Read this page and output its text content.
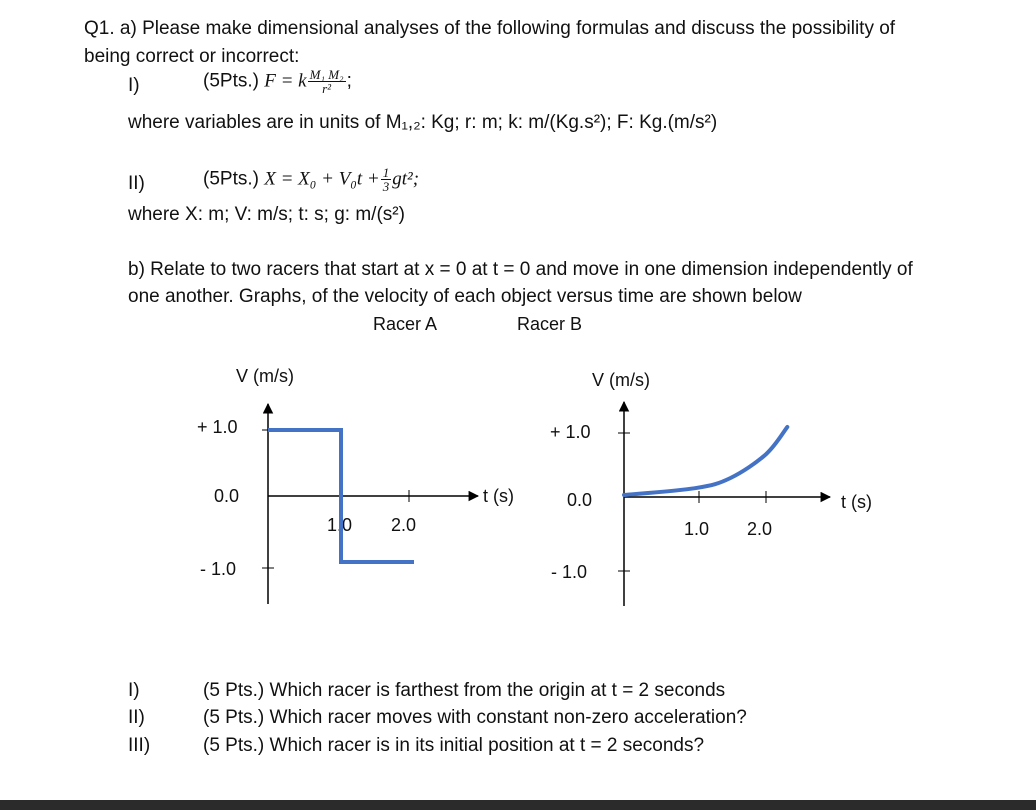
Q1. a) Please make dimensional analyses of the following formulas and discuss the possibility of
being correct or incorrect:
I)	(5Pts.) F = k $\frac{\text{M₁ M₂}}{\text{r²}}$ ;
where variables are in units of M₁,₂: Kg; r: m; k: m/(Kg.s²); F: Kg.(m/s²)
II)	(5Pts.) $X = X_0 + V_0t + \frac{1}{3} gt^2$;
where X: m; V: m/s; t: s; g: m/(s²)
b) Relate to two racers that start at x = 0 at t = 0 and move in one dimension independently of
one another. Graphs, of the velocity of each object versus time are shown below
Racer A	Racer B
V (m/s)
+ 1.0
0.0
- 1.0
1.0 2.0
t (s)
V (m/s)
+ 1.0
0.0
- 1.0
1.0 2.0
t (s)
I)	(5 Pts.) Which racer is farthest from the origin at t = 2 seconds
II)	(5 Pts.) Which racer moves with constant non-zero acceleration?
III)	(5 Pts.) Which racer is in its initial position at t = 2 seconds?
